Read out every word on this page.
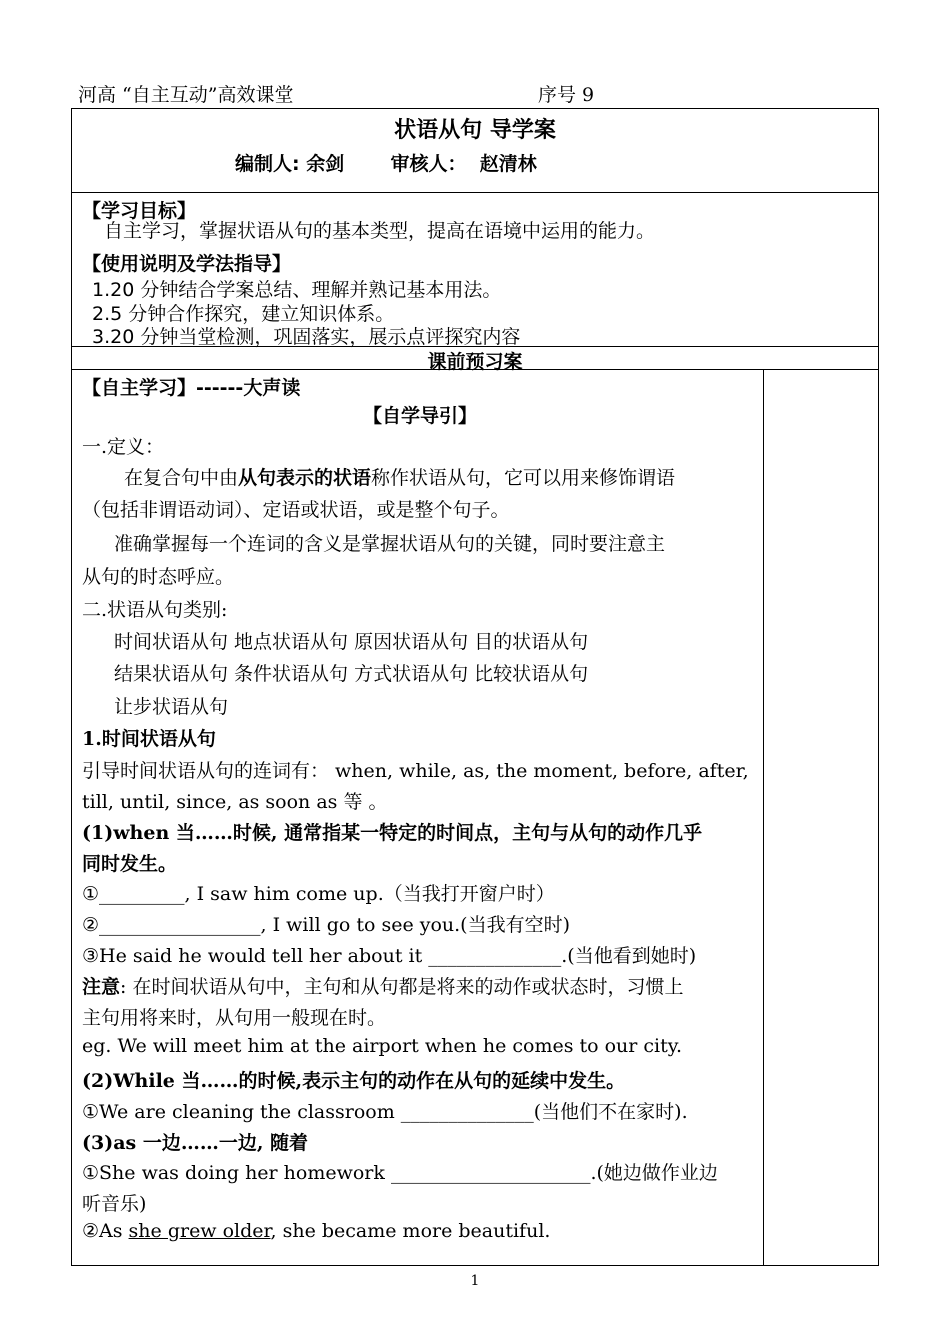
河高 “自主互动”高效课堂	序号 9
状语从句 导学案
编制人: 余剑       审核人：  赵清林
【学习目标】
自主学习，掌握状语从句的基本类型，提高在语境中运用的能力。
【使用说明及学法指导】
1.20 分钟结合学案总结、理解并熟记基本用法。
2.5 分钟合作探究，建立知识体系。
3.20 分钟当堂检测，巩固落实，展示点评探究内容
课前预习案
【自主学习】------大声读
【自学导引】
一.定义：
在复合句中由从句表示的状语称作状语从句，它可以用来修饰谓语
（包括非谓语动词）、定语或状语，或是整个句子。
准确掌握每一个连词的含义是掌握状语从句的关键，同时要注意主
从句的时态呼应。
二.状语从句类别:
时间状语从句 地点状语从句 原因状语从句 目的状语从句
结果状语从句 条件状语从句 方式状语从句 比较状语从句
让步状语从句
1.时间状语从句
引导时间状语从句的连词有： when, while, as, the moment, before, after,
till, until, since, as soon as 等 。
(1)when 当……时候, 通常指某一特定的时间点，主句与从句的动作几乎
同时发生。
①_________, I saw him come up.（当我打开窗户时）
②_________________, I will go to see you.(当我有空时)
③He said he would tell her about it ______________.(当他看到她时)
注意: 在时间状语从句中，主句和从句都是将来的动作或状态时，习惯上
主句用将来时，从句用一般现在时。
eg. We will meet him at the airport when he comes to our city.
(2)While 当……的时候,表示主句的动作在从句的延续中发生。
①We are cleaning the classroom ______________(当他们不在家时).
(3)as 一边……一边, 随着
①She was doing her homework _____________________.(她边做作业边
听音乐)
②As she grew older, she became more beautiful.
1
